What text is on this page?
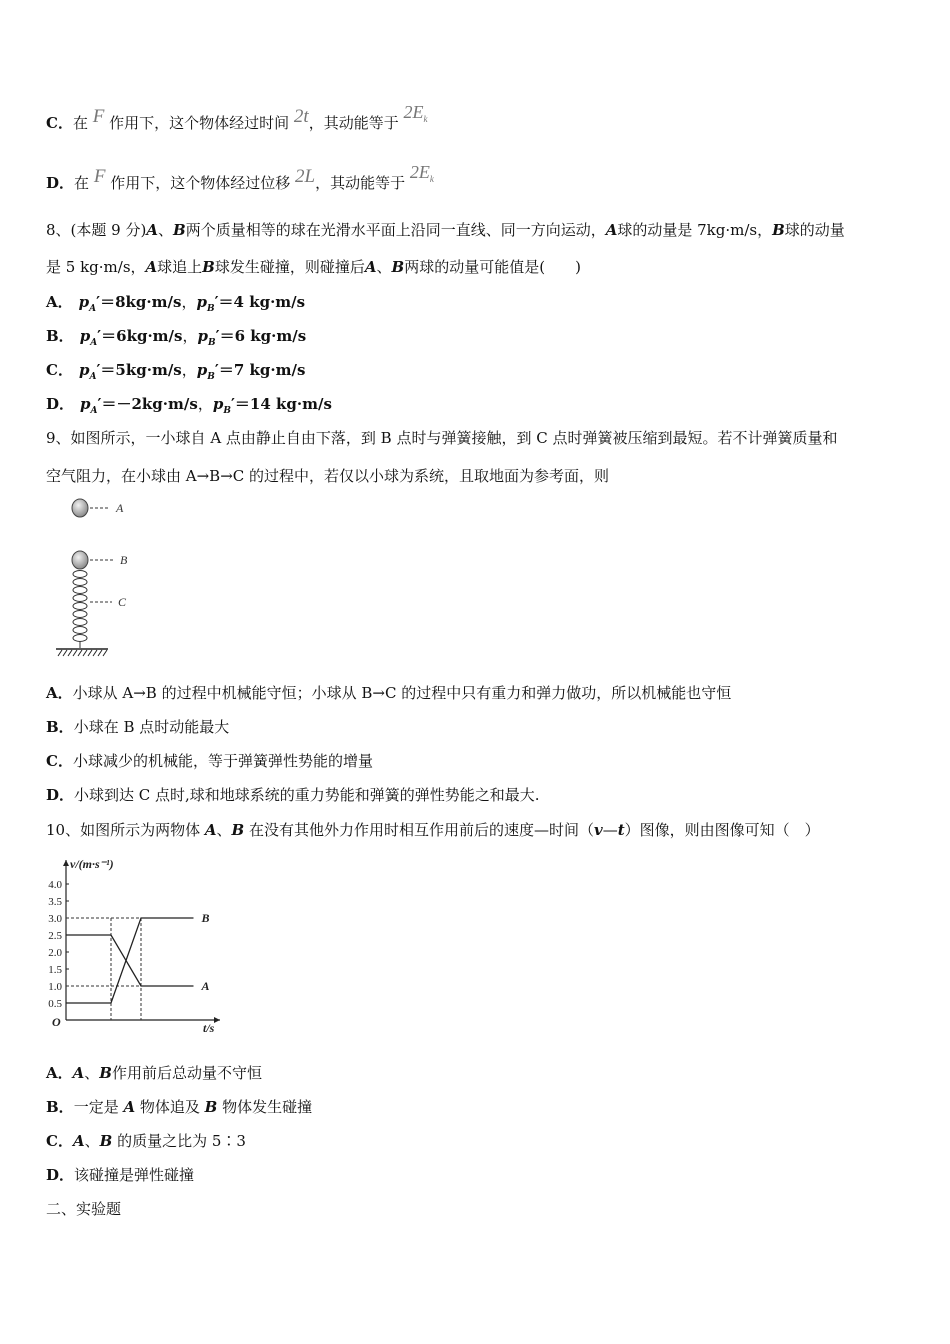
C．在 F 作用下，这个物体经过时间 2t，其动能等于 $2E_k$
D．在 F 作用下，这个物体经过位移 2L，其动能等于 $2E_k$
8、(本题 9 分)A、B两个质量相等的球在光滑水平面上沿同一直线、同一方向运动，A球的动量是 7kg·m/s，B球的动量
是 5 kg·m/s，A球追上B球发生碰撞，则碰撞后A、B两球的动量可能值是(　　)
A． $p_A'=8kg\cdot m/s$，$p_B'=4$ kg·m/s
B． $p_A'=6kg\cdot m/s$，$p_B'=6$ kg·m/s
C． $p_A'=5kg\cdot m/s$，$p_B'=7$ kg·m/s
D． $p_A'=-2kg\cdot m/s$，$p_B'=14$ kg·m/s
9、如图所示，一小球自 A 点由静止自由下落，到 B 点时与弹簧接触，到 C 点时弹簧被压缩到最短。若不计弹簧质量和
空气阻力，在小球由 A→B→C 的过程中，若仅以小球为系统，且取地面为参考面，则
A
B
C
A．小球从 A→B 的过程中机械能守恒；小球从 B→C 的过程中只有重力和弹力做功，所以机械能也守恒
B．小球在 B 点时动能最大
C．小球减少的机械能，等于弹簧弹性势能的增量
D．小球到达 C 点时,球和地球系统的重力势能和弹簧的弹性势能之和最大.
10、如图所示为两物体 A、B 在没有其他外力作用时相互作用前后的速度—时间（v—t）图像，则由图像可知（　）
v/(m·s⁻¹)
t/s
O
4.0
3.5
3.0
2.5
2.0
1.5
1.0
0.5
A
B
A．A、B作用前后总动量不守恒
B．一定是 A 物体追及 B 物体发生碰撞
C．A、B 的质量之比为 5∶3
D．该碰撞是弹性碰撞
二、实验题
